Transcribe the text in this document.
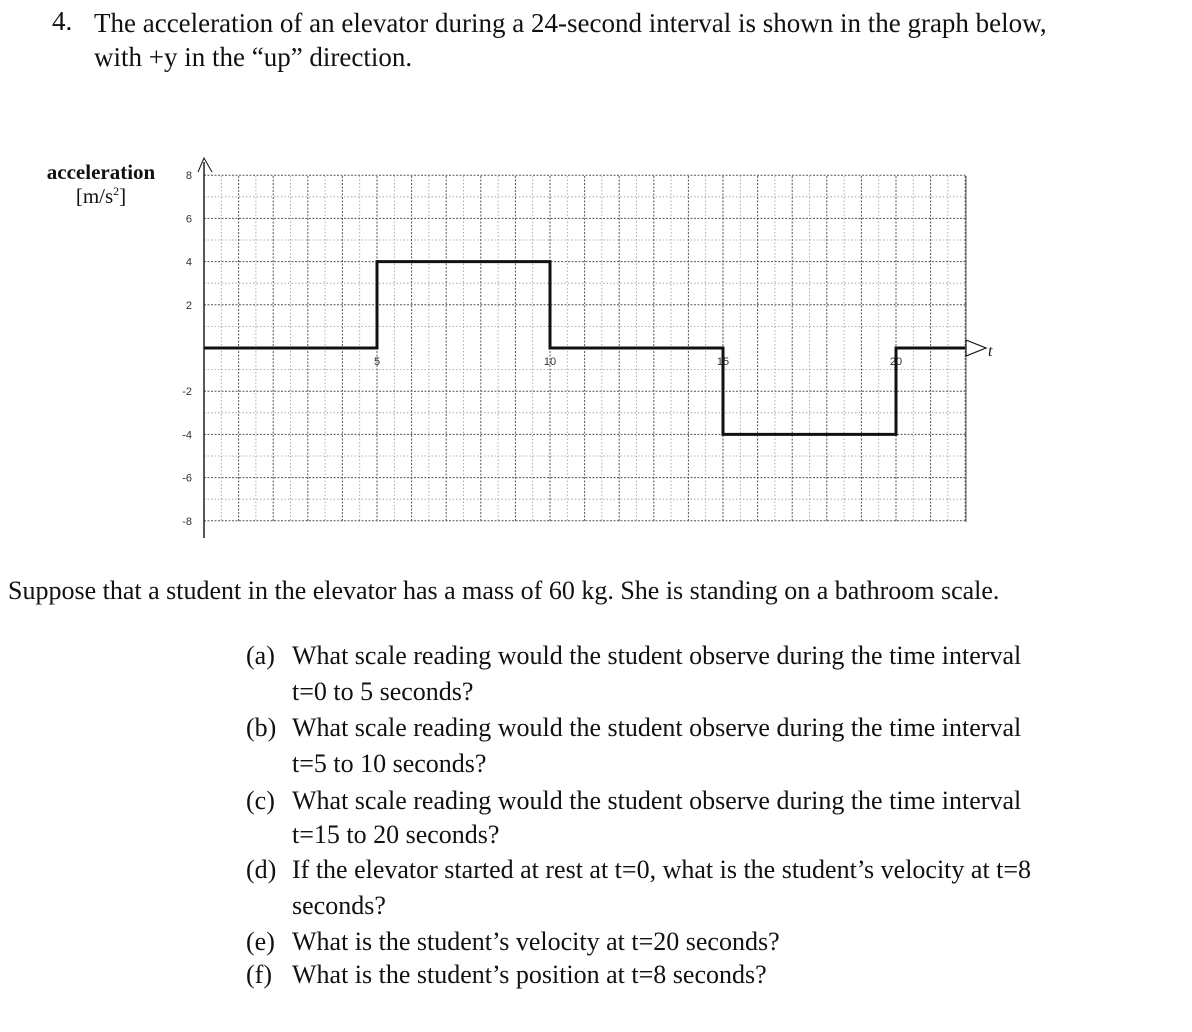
4. The acceleration of an elevator during a 24-second interval is shown in the graph below,
with +y in the “up” direction.
acceleration
$[m/s^2]$
t
8
6
4
2
-2
-4
-6
-8
5	10	15	20
Suppose that a student in the elevator has a mass of 60 kg. She is standing on a bathroom scale.
(a) What scale reading would the student observe during the time interval
t=0 to 5 seconds?
(b) What scale reading would the student observe during the time interval
t=5 to 10 seconds?
(c) What scale reading would the student observe during the time interval
t=15 to 20 seconds?
(d) If the elevator started at rest at t=0, what is the student’s velocity at t=8
seconds?
(e) What is the student’s velocity at t=20 seconds?
(f) What is the student’s position at t=8 seconds?
